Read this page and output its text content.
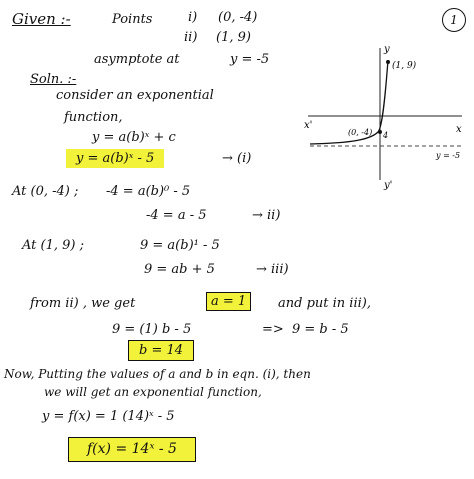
1
Given :-	Points	i) (0, -4)
ii) (1, 9)
asymptote at	y = -5
Soln. :-
consider an exponential
function,
y = a(b)ˣ + c
y = a(b)ˣ - 5	→ (i)
At (0, -4) ; -4 = a(b)⁰ - 5
-4 = a - 5	→ ii)
At (1, 9) ;	9 = a(b)¹ - 5
9 = ab + 5	→ iii)
from ii) , we get	a = 1	and put in iii),
9 = (1) b - 5	=> 9 = b - 5
b = 14
Now, Putting the values of a and b in eqn. (i), then
we will get an exponential function,
y = f(x) = 1 (14)ˣ - 5
f(x) = 14ˣ - 5
y
x
x'
y'
(1, 9)
(0, -4) 4
y = -5
